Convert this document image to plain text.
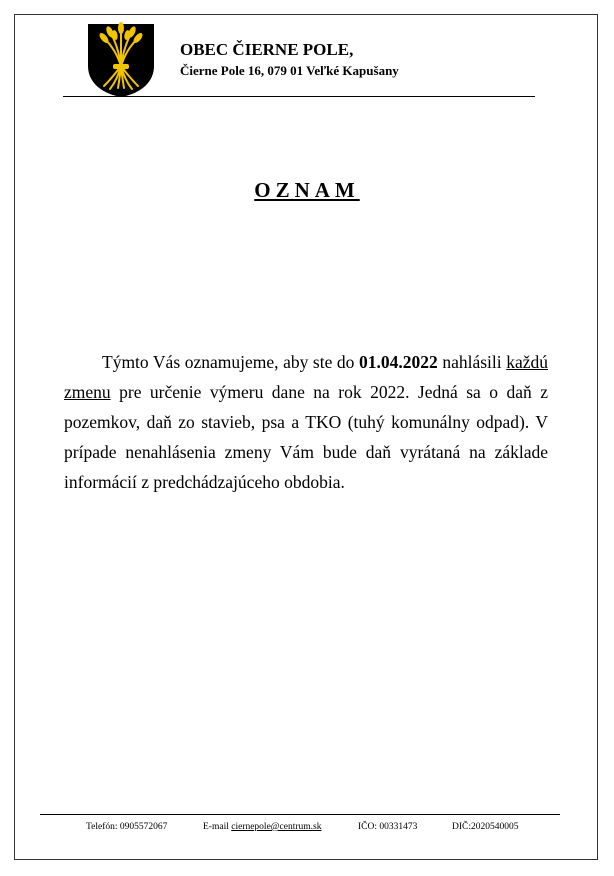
OBEC ČIERNE POLE,
Čierne Pole 16, 079 01 Veľké Kapušany
OZNAM

Týmto Vás oznamujeme, aby ste do 01.04.2022 nahlásili každú zmenu pre určenie výmeru dane na rok 2022. Jedná sa o daň z pozemkov, daň zo stavieb, psa a TKO (tuhý komunálny odpad). V prípade nenahlásenia zmeny Vám bude daň vyrátaná na základe informácií z predchádzajúceho obdobia.

Telefón: 0905572067	E-mail ciernepole@centrum.sk	IČO: 00331473	DIČ:2020540005
